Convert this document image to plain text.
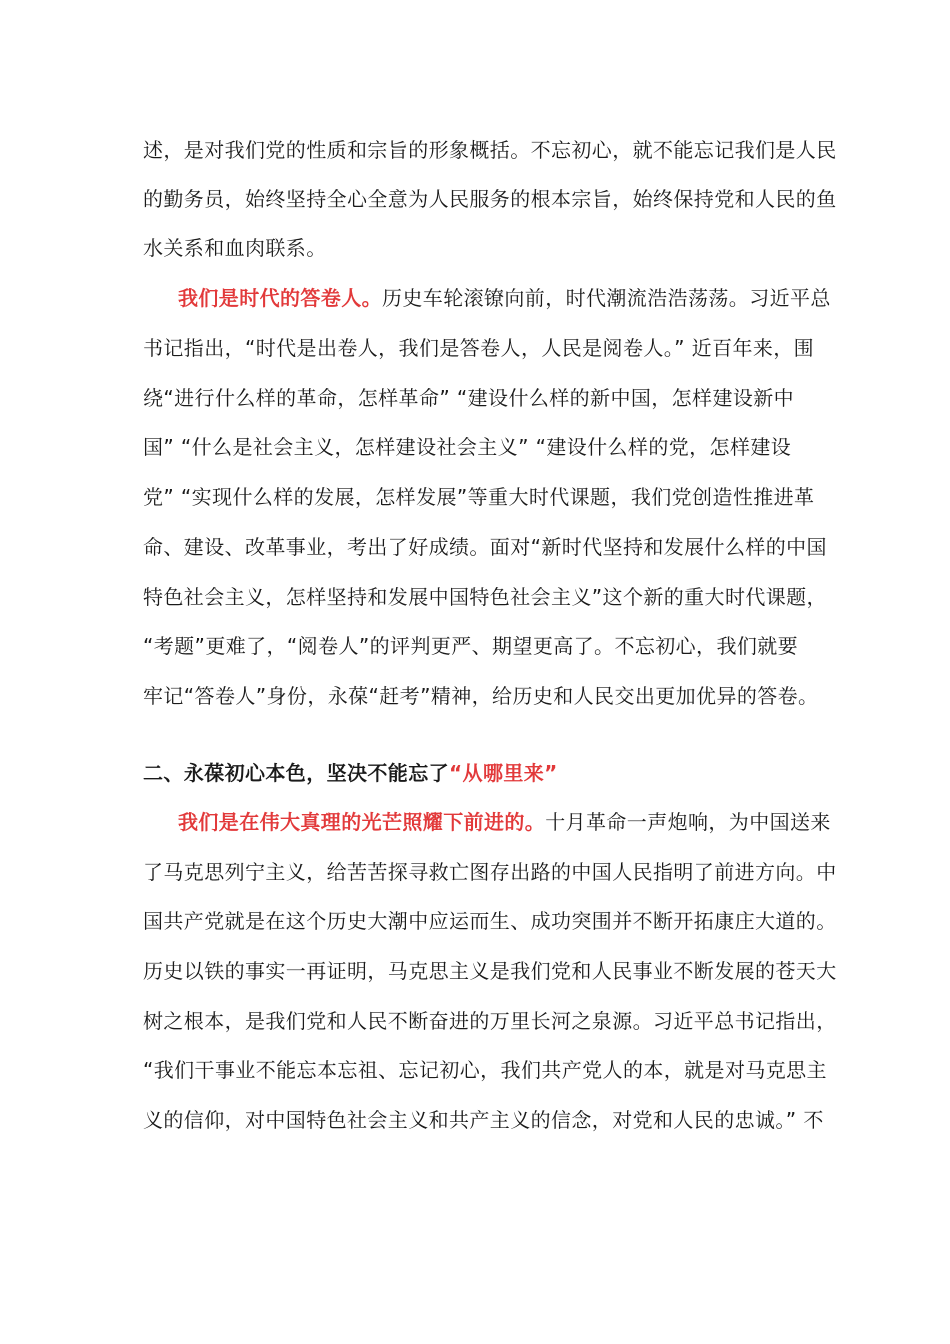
述，是对我们党的性质和宗旨的形象概括。不忘初心，就不能忘记我们是人民
的勤务员，始终坚持全心全意为人民服务的根本宗旨，始终保持党和人民的鱼
水关系和血肉联系。
我们是时代的答卷人。历史车轮滚镣向前，时代潮流浩浩荡荡。习近平总
书记指出，“时代是出卷人，我们是答卷人，人民是阅卷人。” 近百年来，围
绕“进行什么样的革命，怎样革命” “建设什么样的新中国，怎样建设新中
国” “什么是社会主义，怎样建设社会主义” “建设什么样的党，怎样建设
党” “实现什么样的发展，怎样发展”等重大时代课题，我们党创造性推进革
命、建设、改革事业，考出了好成绩。面对“新时代坚持和发展什么样的中国
特色社会主义，怎样坚持和发展中国特色社会主义”这个新的重大时代课题，
“考题”更难了，“阅卷人”的评判更严、期望更高了。不忘初心，我们就要
牢记“答卷人”身份，永葆“赶考”精神，给历史和人民交出更加优异的答卷。
二、永葆初心本色，坚决不能忘了“从哪里来”
我们是在伟大真理的光芒照耀下前进的。十月革命一声炮响，为中国送来
了马克思列宁主义，给苦苦探寻救亡图存出路的中国人民指明了前进方向。中
国共产党就是在这个历史大潮中应运而生、成功突围并不断开拓康庄大道的。
历史以铁的事实一再证明，马克思主义是我们党和人民事业不断发展的苍天大
树之根本，是我们党和人民不断奋进的万里长河之泉源。习近平总书记指出，
“我们干事业不能忘本忘祖、忘记初心，我们共产党人的本，就是对马克思主
义的信仰，对中国特色社会主义和共产主义的信念，对党和人民的忠诚。” 不
